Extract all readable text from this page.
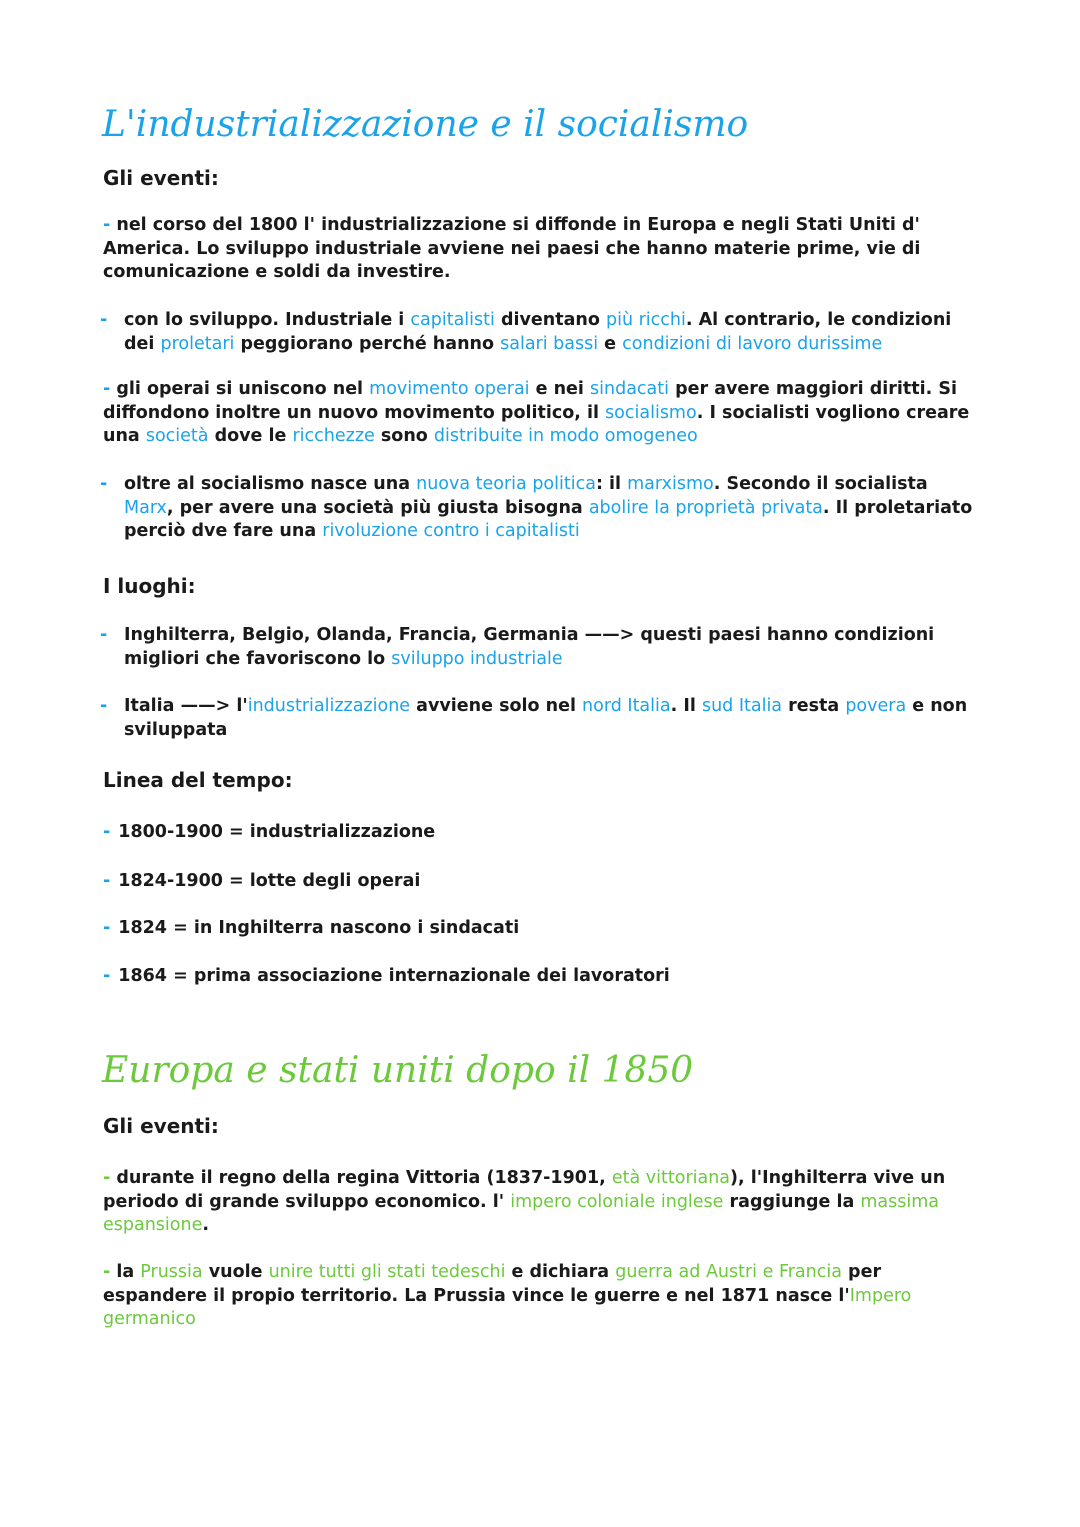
L'industrializzazione e il socialismo
Gli eventi:

- nel corso del 1800 l' industrializzazione si diffonde in Europa e negli Stati Uniti d' America. Lo sviluppo industriale avviene nei paesi che hanno materie prime, vie di comunicazione e soldi da investire.

- con lo sviluppo. Industriale i capitalisti diventano più ricchi. Al contrario, le condizioni dei proletari peggiorano perché hanno salari bassi e condizioni di lavoro durissime

- gli operai si uniscono nel movimento operai e nei sindacati per avere maggiori diritti. Si diffondono inoltre un nuovo movimento politico, il socialismo. I socialisti vogliono creare una società dove le ricchezze sono distribuite in modo omogeneo

- oltre al socialismo nasce una nuova teoria politica: il marxismo. Secondo il socialista Marx, per avere una società più giusta bisogna abolire la proprietà privata. Il proletariato perciò dve fare una rivoluzione contro i capitalisti

I luoghi:

- Inghilterra, Belgio, Olanda, Francia, Germania ——> questi paesi hanno condizioni migliori che favoriscono lo sviluppo industriale

- Italia ——> l'industrializzazione avviene solo nel nord Italia. Il sud Italia resta povera e non sviluppata

Linea del tempo:
- 1800-1900 = industrializzazione
- 1824-1900 = lotte degli operai
- 1824 = in Inghilterra nascono i sindacati
- 1864 = prima associazione internazionale dei lavoratori
Europa e stati uniti dopo il 1850
Gli eventi:

- durante il regno della regina Vittoria (1837-1901, età vittoriana), l'Inghilterra vive un periodo di grande sviluppo economico. l' impero coloniale inglese raggiunge la massima espansione.

- la Prussia vuole unire tutti gli stati tedeschi e dichiara guerra ad Austri e Francia per espandere il propio territorio. La Prussia vince le guerre e nel 1871 nasce l'Impero germanico
